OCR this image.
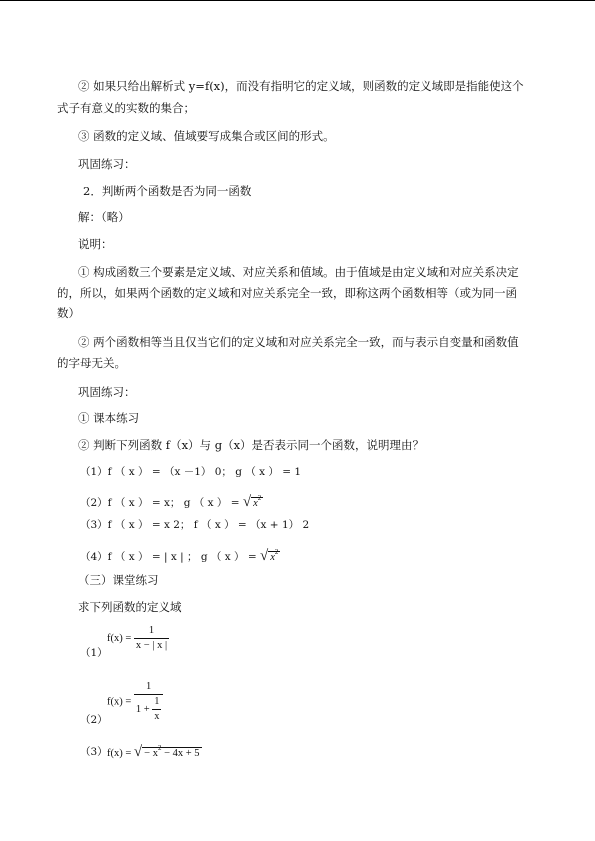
② 如果只给出解析式 y=f(x)，而没有指明它的定义域，则函数的定义域即是指能使这个
式子有意义的实数的集合；
③ 函数的定义域、值域要写成集合或区间的形式。
巩固练习：
2．判断两个函数是否为同一函数
解：（略）
说明：
① 构成函数三个要素是定义域、对应关系和值域。由于值域是由定义域和对应关系决定
的，所以，如果两个函数的定义域和对应关系完全一致，即称这两个函数相等（或为同一函
数）
② 两个函数相等当且仅当它们的定义域和对应关系完全一致，而与表示自变量和函数值
的字母无关。
巩固练习：
① 课本练习
② 判断下列函数 f（x）与 g（x）是否表示同一个函数，说明理由？
（1）f （ x ） = （x －1） 0； g （ x ） = 1
（2）f （ x ） = x； g （ x ） = √ $x^2$
（3）f （ x ） = x 2； f （ x ） = （x + 1） 2
（4）f （ x ） = | x | ； g （ x ） = √ $x^2$
（三）课堂练习
求下列函数的定义域
（1）
$f(x) = \frac{1}{x - | x |}$
（2）
$f(x) = \frac{1}{1 + \frac{1}{x}}$
（3） f(x) = √ − $x^2 - 4x + 5$
